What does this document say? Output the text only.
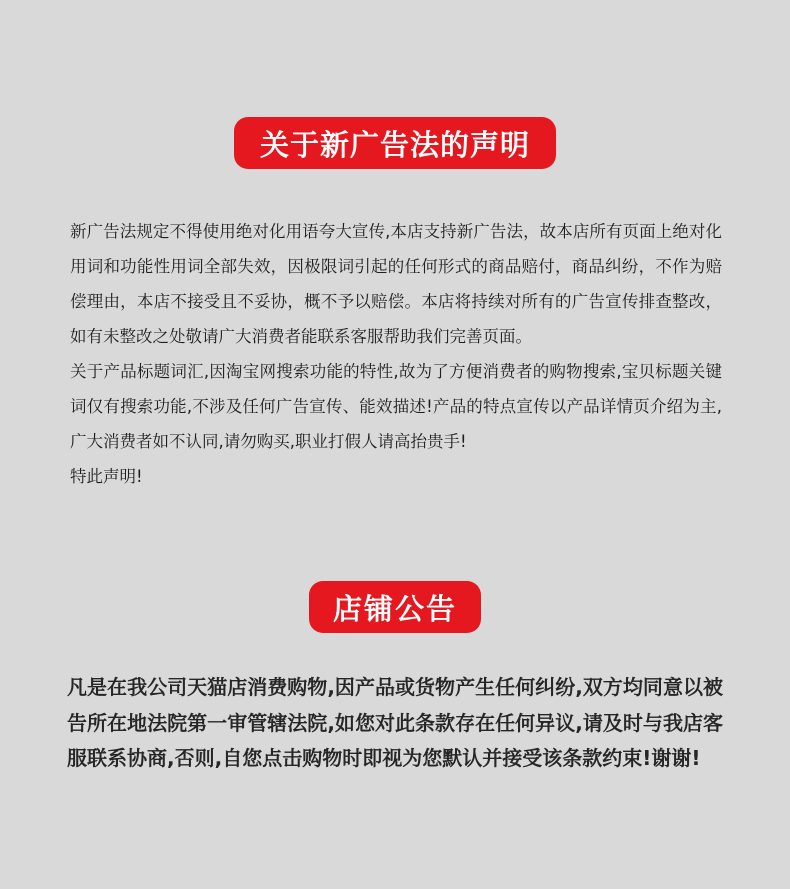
关于新广告法的声明

新广告法规定不得使用绝对化用语夸大宣传,本店支持新广告法，故本店所有页面上绝对化用词和功能性用词全部失效，因极限词引起的任何形式的商品赔付，商品纠纷，不作为赔偿理由，本店不接受且不妥协，概不予以赔偿。本店将持续对所有的广告宣传排查整改，如有未整改之处敬请广大消费者能联系客服帮助我们完善页面。

关于产品标题词汇,因淘宝网搜索功能的特性,故为了方便消费者的购物搜索,宝贝标题关键词仅有搜索功能,不涉及任何广告宣传、能效描述!产品的特点宣传以产品详情页介绍为主,广大消费者如不认同,请勿购买,职业打假人请高抬贵手!

特此声明!

店铺公告

凡是在我公司天猫店消费购物,因产品或货物产生任何纠纷,双方均同意以被告所在地法院第一审管辖法院,如您对此条款存在任何异议,请及时与我店客服联系协商,否则,自您点击购物时即视为您默认并接受该条款约束!谢谢!
